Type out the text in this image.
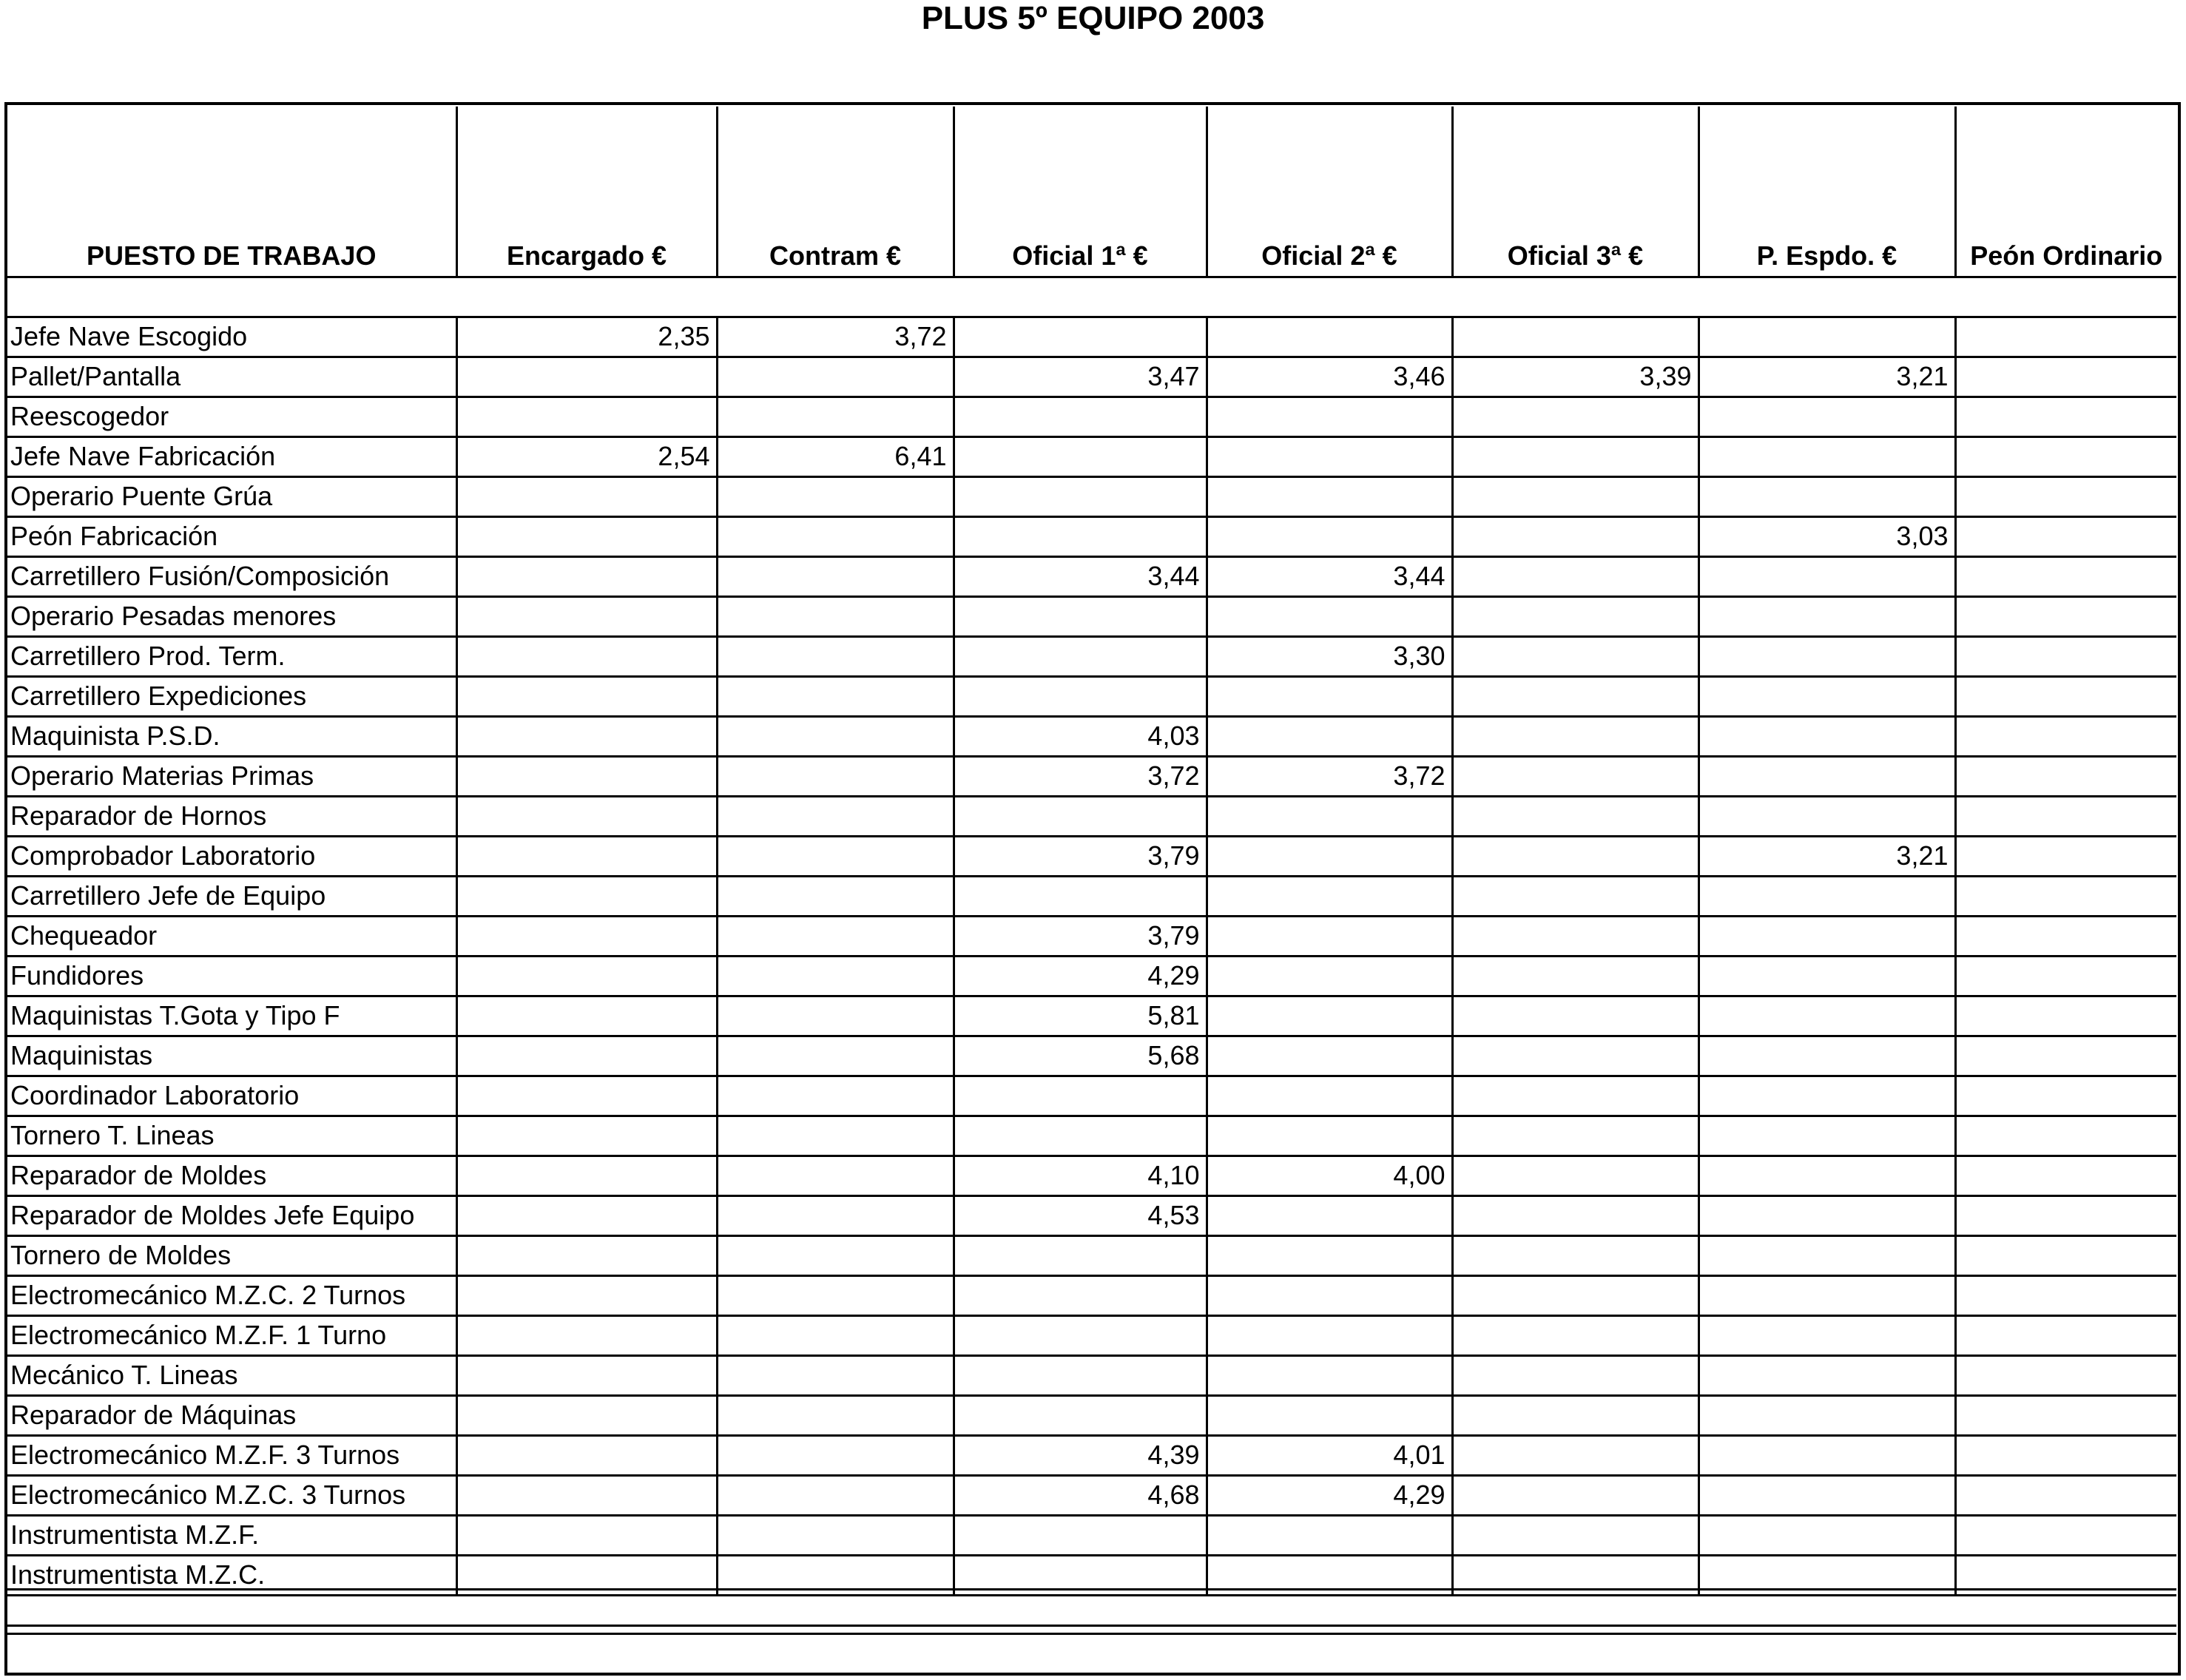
PLUS 5º EQUIPO 2003
PUESTO DE TRABAJO	Encargado €	Contram €	Oficial 1ª €	Oficial 2ª €	Oficial 3ª €	P. Espdo. €	Peón Ordinario

Jefe Nave Escogido	2,35	3,72					
Pallet/Pantalla			3,47	3,46	3,39	3,21	
Reescogedor							
Jefe Nave Fabricación	2,54	6,41					
Operario Puente Grúa							
Peón Fabricación						3,03	
Carretillero Fusión/Composición			3,44	3,44			
Operario Pesadas menores							
Carretillero Prod. Term.				3,30			
Carretillero Expediciones							
Maquinista P.S.D.			4,03				
Operario Materias Primas			3,72	3,72			
Reparador de Hornos							
Comprobador Laboratorio			3,79			3,21	
Carretillero Jefe de Equipo							
Chequeador			3,79				
Fundidores			4,29				
Maquinistas T.Gota y Tipo F			5,81				
Maquinistas			5,68				
Coordinador Laboratorio							
Tornero T. Lineas							
Reparador de Moldes			4,10	4,00			
Reparador de Moldes Jefe Equipo			4,53				
Tornero de Moldes							
Electromecánico M.Z.C. 2 Turnos							
Electromecánico M.Z.F. 1 Turno							
Mecánico T. Lineas							
Reparador de Máquinas							
Electromecánico M.Z.F. 3 Turnos			4,39	4,01			
Electromecánico M.Z.C. 3 Turnos			4,68	4,29			
Instrumentista M.Z.F.							
Instrumentista M.Z.C.							
